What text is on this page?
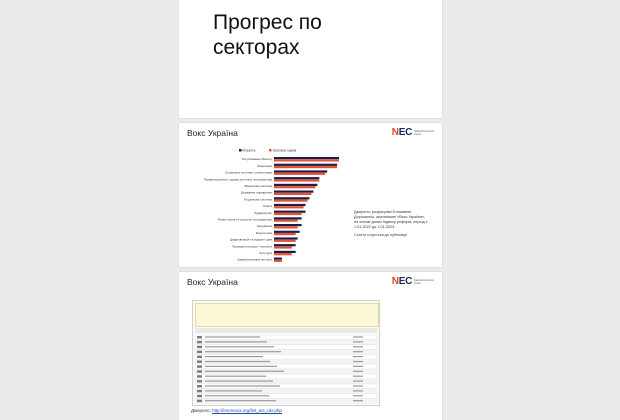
Прогрес по секторах
Вокс Україна	NEC National Economic Center
Кількість	Загальна оцінка
Регулювання бізнесу
Медицина
Соціальна політика і ринок праці
Правоохоронна і судова системи, антикорупція
Фінансова система
Державне управління
Податкова система
Освіта
Будівництво
Ринок землі та сільське господарство
Керування
Енергетика
Цифровізація та відкриті дані
Природні ресурси і екологія
Культура
Адміністративні послуги

Джерело: розрахунки Єлизавети Дорошенко, аналітикині «Вокс Україна», на основі даних Індексу реформ, період з 1.01.2022 до 1.01.2023.

Стаття готується до публікації

Вокс Україна	NEC National Economic Center
Джерело: http://imorevox.org/list_act_ukr.php
